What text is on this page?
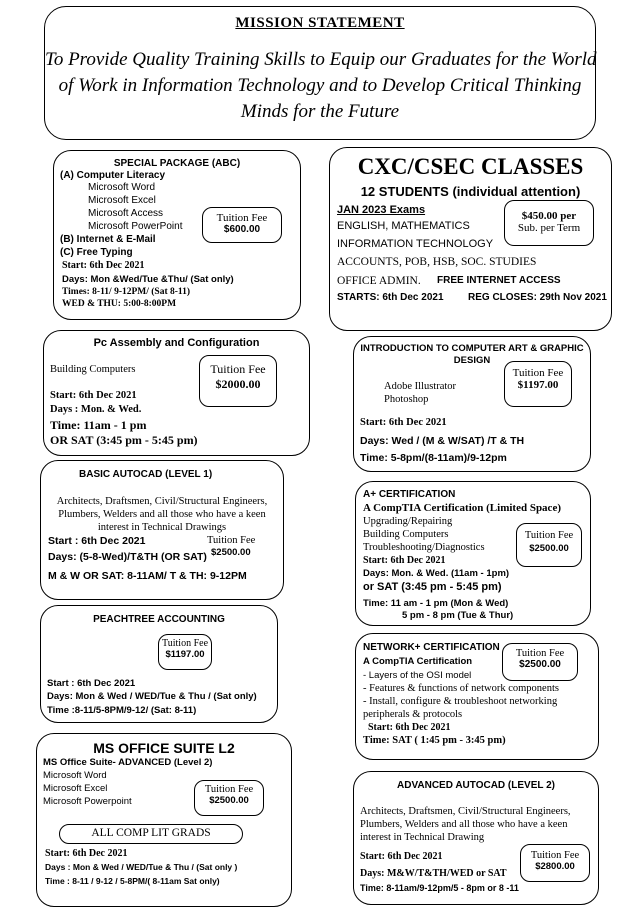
MISSION STATEMENT
To Provide Quality Training Skills to Equip our Graduates for the World
of Work in Information Technology and to Develop Critical Thinking
Minds for the Future
SPECIAL PACKAGE (ABC)
(A) Computer Literacy
Microsoft Word
Microsoft Excel
Microsoft Access
Microsoft PowerPoint
(B) Internet & E-Mail
(C) Free Typing
Start: 6th Dec 2021
Days: Mon &Wed/Tue &Thu/ (Sat only)
Times: 8-11/ 9-12PM/ (Sat 8-11)
WED & THU: 5:00-8:00PM
Tuition Fee
$600.00
CXC/CSEC CLASSES
12 STUDENTS (individual attention)
JAN 2023 Exams
ENGLISH, MATHEMATICS
INFORMATION TECHNOLOGY
ACCOUNTS, POB, HSB, SOC. STUDIES
OFFICE ADMIN. FREE INTERNET ACCESS
STARTS: 6th Dec 2021 REG CLOSES: 29th Nov 2021
$450.00 per
Sub. per Term
Pc Assembly and Configuration
Building Computers
Start: 6th Dec 2021
Days : Mon. & Wed.
Time: 11am - 1 pm
OR SAT (3:45 pm - 5:45 pm)
Tuition Fee
$2000.00
INTRODUCTION TO COMPUTER ART & GRAPHIC
DESIGN
Adobe Illustrator
Photoshop
Start: 6th Dec 2021
Days: Wed / (M & W/SAT) /T & TH
Time: 5-8pm/(8-11am)/9-12pm
Tuition Fee
$1197.00
BASIC AUTOCAD (LEVEL 1)
Architects, Draftsmen, Civil/Structural Engineers,
Plumbers, Welders and all those who have a keen
interest in Technical Drawings
Start : 6th Dec 2021
Days: (5-8-Wed)/T&TH (OR SAT)
M & W OR SAT: 8-11AM/ T & TH: 9-12PM
Tuition Fee
$2500.00
A+ CERTIFICATION
A CompTIA Certification (Limited Space)
Upgrading/Repairing
Building Computers
Troubleshooting/Diagnostics
Start: 6th Dec 2021
Days: Mon. & Wed. (11am - 1pm)
or SAT (3:45 pm - 5:45 pm)
Time: 11 am - 1 pm (Mon & Wed)
5 pm - 8 pm (Tue & Thur)
Tuition Fee
$2500.00
PEACHTREE ACCOUNTING
Start : 6th Dec 2021
Days: Mon & Wed / WED/Tue & Thu / (Sat only)
Time :8-11/5-8PM/9-12/ (Sat: 8-11)
Tuition Fee
$1197.00
NETWORK+ CERTIFICATION
A CompTIA Certification
- Layers of the OSI model
- Features & functions of network components
- Install, configure & troubleshoot networking
peripherals & protocols
Start: 6th Dec 2021
Time: SAT ( 1:45 pm - 3:45 pm)
Tuition Fee
$2500.00
MS OFFICE SUITE L2
MS Office Suite- ADVANCED (Level 2)
Microsoft Word
Microsoft Excel
Microsoft Powerpoint
ALL COMP LIT GRADS
Start: 6th Dec 2021
Days : Mon & Wed / WED/Tue & Thu / (Sat only )
Time : 8-11 / 9-12 / 5-8PM/( 8-11am Sat only)
Tuition Fee
$2500.00
ADVANCED AUTOCAD (LEVEL 2)
Architects, Draftsmen, Civil/Structural Engineers,
Plumbers, Welders and all those who have a keen
interest in Technical Drawing
Start: 6th Dec 2021
Days: M&W/T&TH/WED or SAT
Time: 8-11am/9-12pm/5 - 8pm or 8 -11
Tuition Fee
$2800.00
